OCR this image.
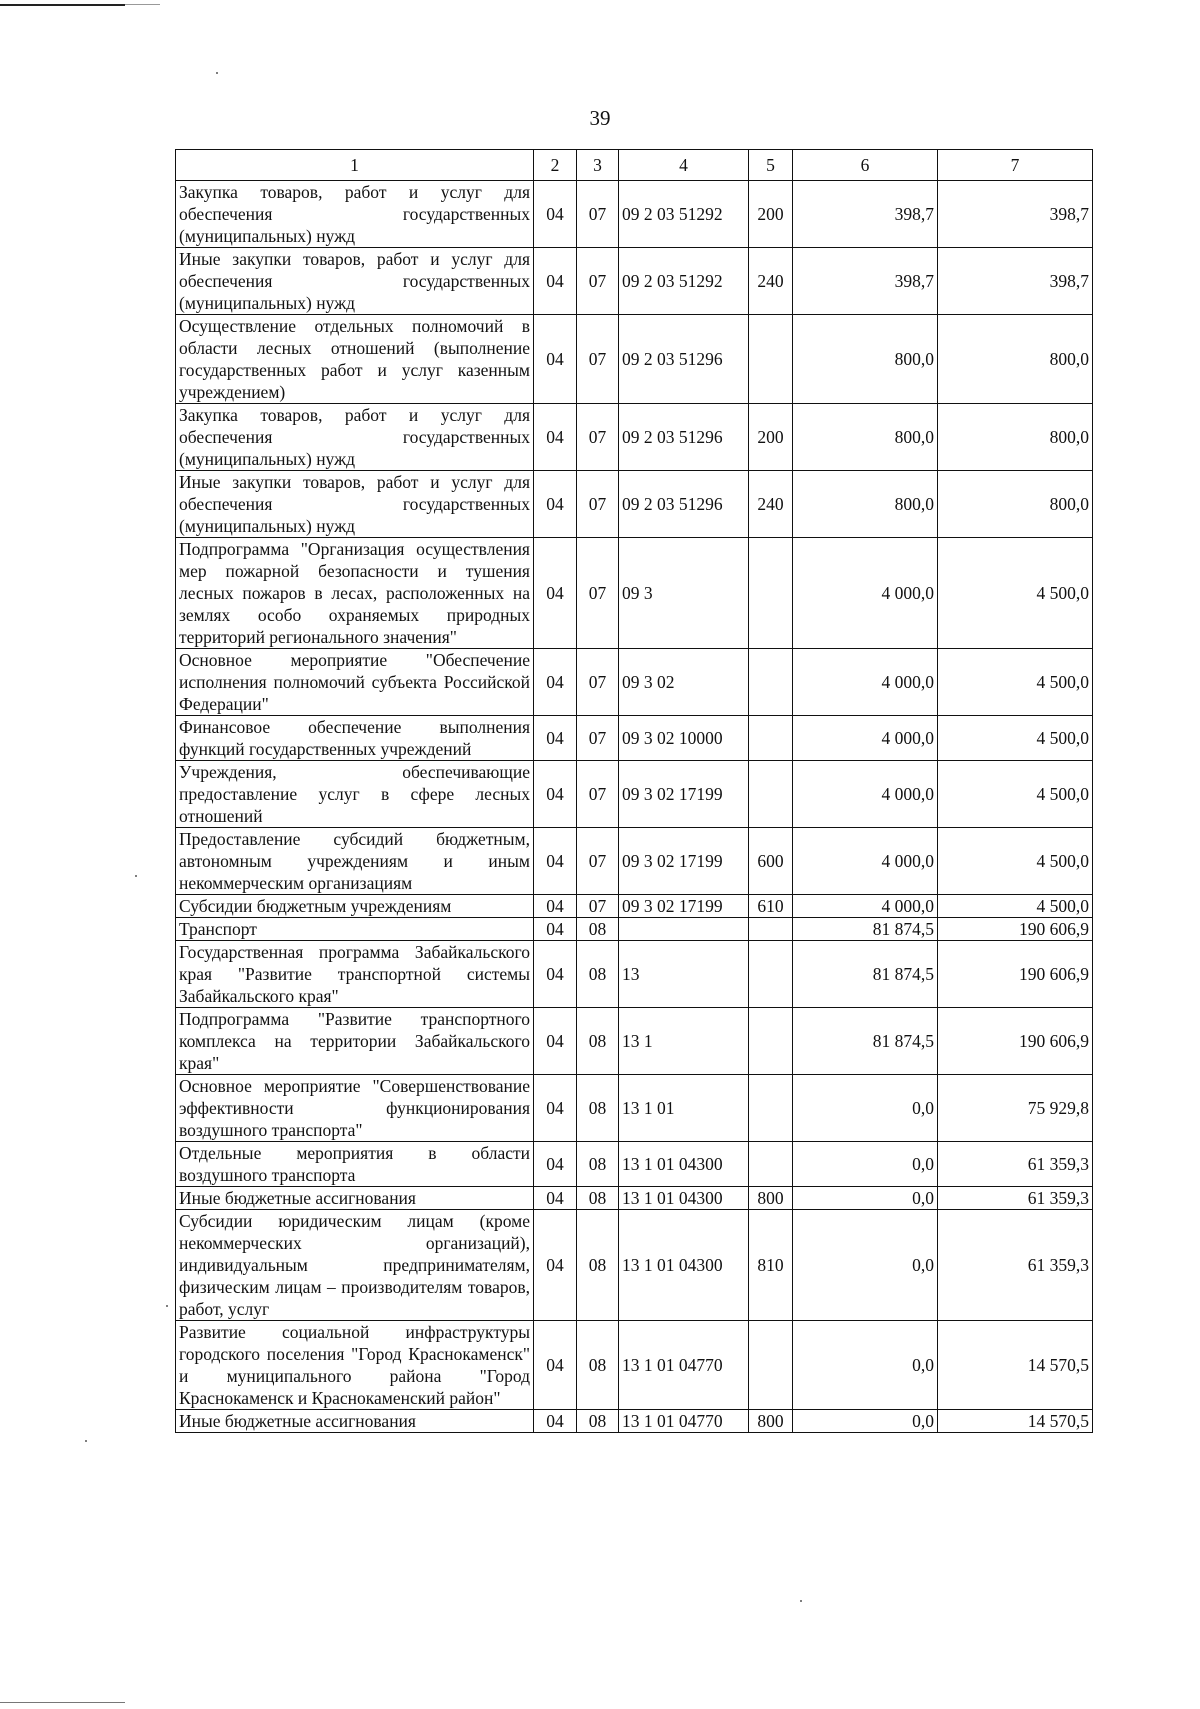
39
1	2	3	4	5	6	7
Закупка товаров, работ и услуг для обеспечения государственных (муниципальных) нужд	04	07	09 2 03 51292	200	398,7	398,7
Иные закупки товаров, работ и услуг для обеспечения государственных (муниципальных) нужд	04	07	09 2 03 51292	240	398,7	398,7
Осуществление отдельных полномочий в области лесных отношений (выполнение государственных работ и услуг казенным учреждением)	04	07	09 2 03 51296		800,0	800,0
Закупка товаров, работ и услуг для обеспечения государственных (муниципальных) нужд	04	07	09 2 03 51296	200	800,0	800,0
Иные закупки товаров, работ и услуг для обеспечения государственных (муниципальных) нужд	04	07	09 2 03 51296	240	800,0	800,0
Подпрограмма "Организация осуществления мер пожарной безопасности и тушения лесных пожаров в лесах, расположенных на землях особо охраняемых природных территорий регионального значения"	04	07	09 3		4 000,0	4 500,0
Основное мероприятие "Обеспечение исполнения полномочий субъекта Российской Федерации"	04	07	09 3 02		4 000,0	4 500,0
Финансовое обеспечение выполнения функций государственных учреждений	04	07	09 3 02 10000		4 000,0	4 500,0
Учреждения, обеспечивающие предоставление услуг в сфере лесных отношений	04	07	09 3 02 17199		4 000,0	4 500,0
Предоставление субсидий бюджетным, автономным учреждениям и иным некоммерческим организациям	04	07	09 3 02 17199	600	4 000,0	4 500,0
Субсидии бюджетным учреждениям	04	07	09 3 02 17199	610	4 000,0	4 500,0
Транспорт	04	08			81 874,5	190 606,9
Государственная программа Забайкальского края "Развитие транспортной системы Забайкальского края"	04	08	13		81 874,5	190 606,9
Подпрограмма "Развитие транспортного комплекса на территории Забайкальского края"	04	08	13 1		81 874,5	190 606,9
Основное мероприятие "Совершенствование эффективности функционирования воздушного транспорта"	04	08	13 1 01		0,0	75 929,8
Отдельные мероприятия в области воздушного транспорта	04	08	13 1 01 04300		0,0	61 359,3
Иные бюджетные ассигнования	04	08	13 1 01 04300	800	0,0	61 359,3
Субсидии юридическим лицам (кроме некоммерческих организаций), индивидуальным предпринимателям, физическим лицам – производителям товаров, работ, услуг	04	08	13 1 01 04300	810	0,0	61 359,3
Развитие социальной инфраструктуры городского поселения "Город Краснокаменск" и муниципального района "Город Краснокаменск и Краснокаменский район"	04	08	13 1 01 04770		0,0	14 570,5
Иные бюджетные ассигнования	04	08	13 1 01 04770	800	0,0	14 570,5
